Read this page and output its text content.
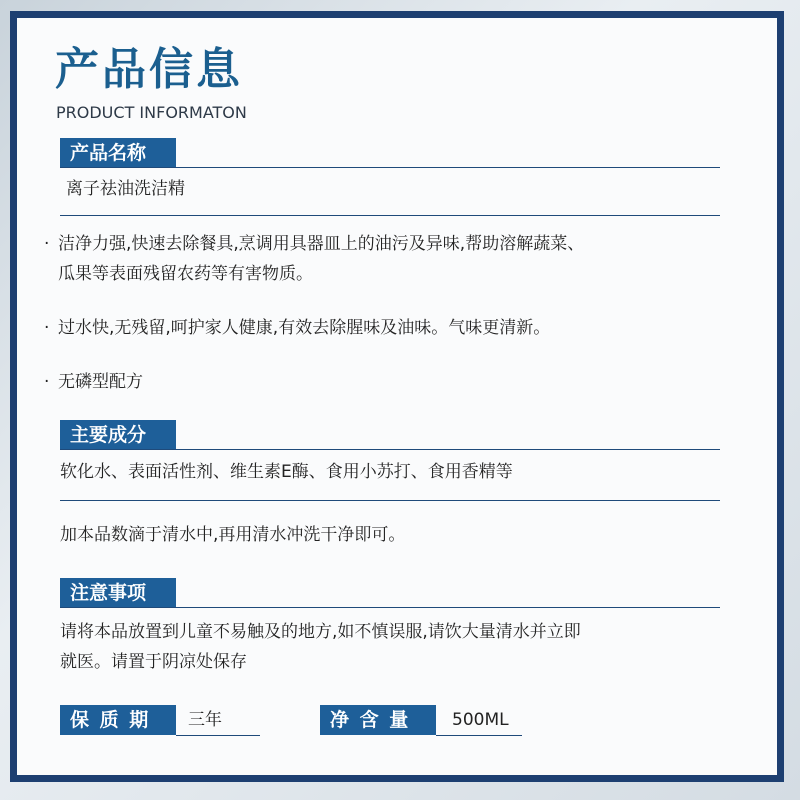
产品信息
PRODUCT INFORMATON
产品名称
离子祛油洗洁精
· 洁净力强,快速去除餐具,烹调用具器皿上的油污及异味,帮助溶解蔬菜、
瓜果等表面残留农药等有害物质。
· 过水快,无残留,呵护家人健康,有效去除腥味及油味。气味更清新。
· 无磷型配方
主要成分
软化水、表面活性剂、维生素E酶、食用小苏打、食用香精等
加本品数滴于清水中,再用清水冲洗干净即可。
注意事项
请将本品放置到儿童不易触及的地方,如不慎误服,请饮大量清水并立即
就医。请置于阴凉处保存
保 质 期	三年	净 含 量	500ML
